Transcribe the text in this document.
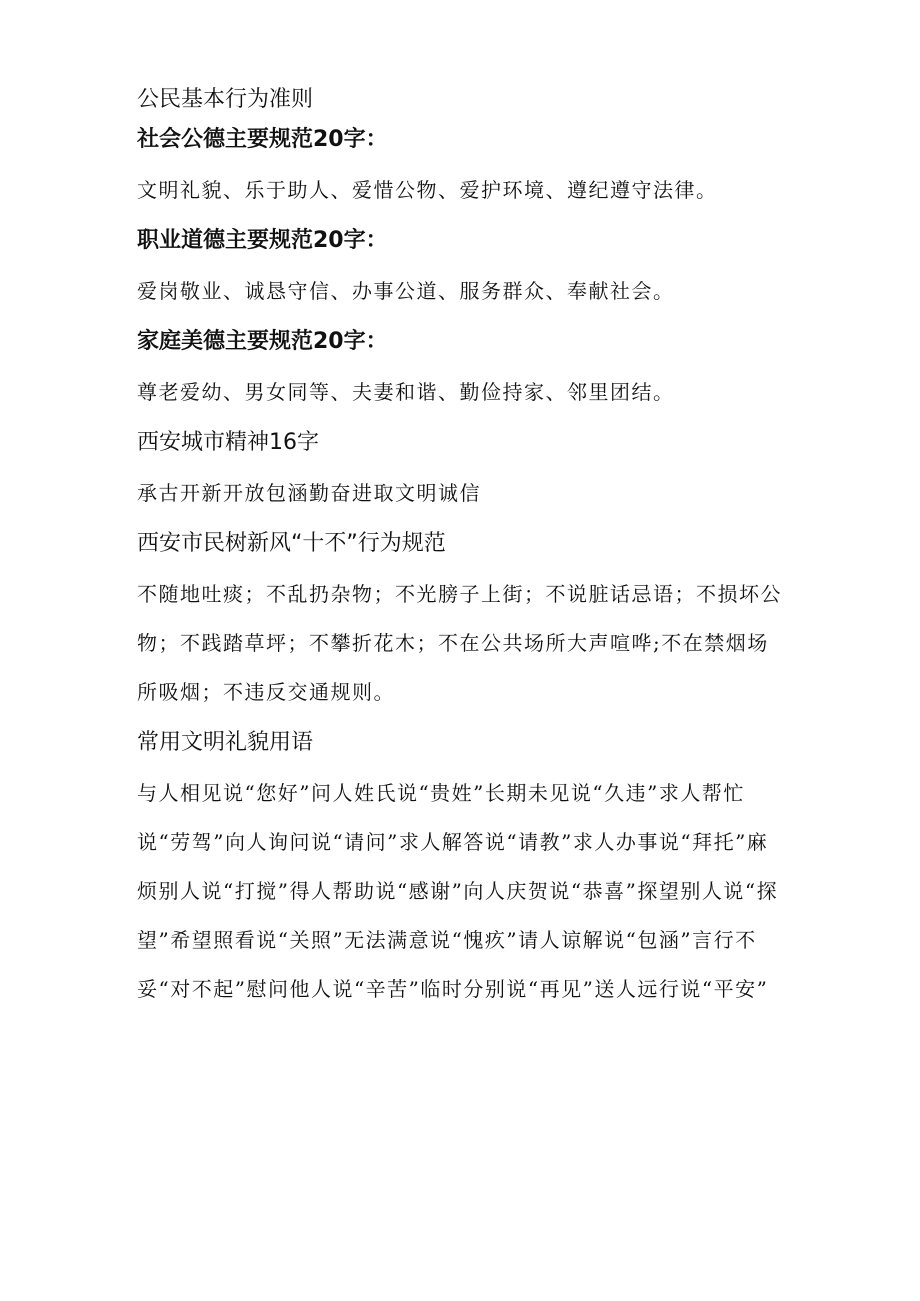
公民基本行为准则
社会公德主要规范20字：

文明礼貌、乐于助人、爱惜公物、爱护环境、遵纪遵守法律。

职业道德主要规范20字：

爱岗敬业、诚恳守信、办事公道、服务群众、奉献社会。

家庭美德主要规范20字：

尊老爱幼、男女同等、夫妻和谐、勤俭持家、邻里团结。

西安城市精神16字

承古开新开放包涵勤奋进取文明诚信

西安市民树新风“十不”行为规范

不随地吐痰；不乱扔杂物；不光膀子上街；不说脏话忌语；不损坏公物；不践踏草坪；不攀折花木；不在公共场所大声喧哗;不在禁烟场所吸烟；不违反交通规则。

常用文明礼貌用语

与人相见说“您好”问人姓氏说“贵姓”长期未见说“久违”求人帮忙说“劳驾”向人询问说“请问”求人解答说“请教”求人办事说“拜托”麻烦别人说“打搅”得人帮助说“感谢”向人庆贺说“恭喜”探望别人说“探望”希望照看说“关照”无法满意说“愧疚”请人谅解说“包涵”言行不妥“对不起”慰问他人说“辛苦”临时分别说“再见”送人远行说“平安”
